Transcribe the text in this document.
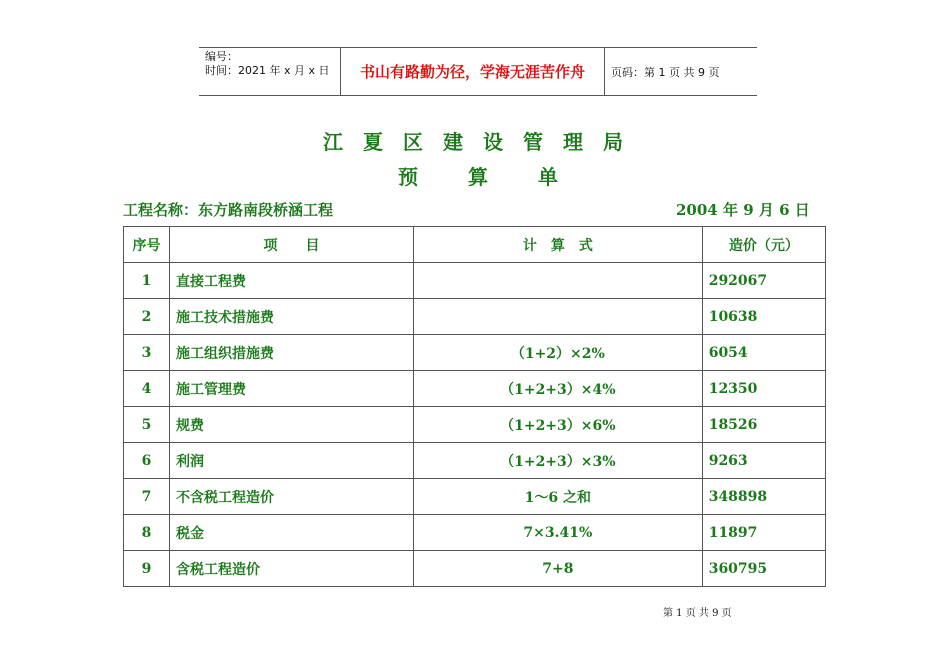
编号：
时间：2021 年 x 月 x 日	书山有路勤为径，学海无涯苦作舟	页码：第 1 页 共 9 页
江夏区建设管理局
预算单
工程名称：东方路南段桥涵工程	2004 年 9 月 6 日
序号	项　　目	计　算　式	造价（元）
1	直接工程费		292067
2	施工技术措施费		10638
3	施工组织措施费	（1+2）×2%	6054
4	施工管理费	（1+2+3）×4%	12350
5	规费	（1+2+3）×6%	18526
6	利润	（1+2+3）×3%	9263
7	不含税工程造价	1～6 之和	348898
8	税金	7×3.41%	11897
9	含税工程造价	7+8	360795
第 1 页 共 9 页
